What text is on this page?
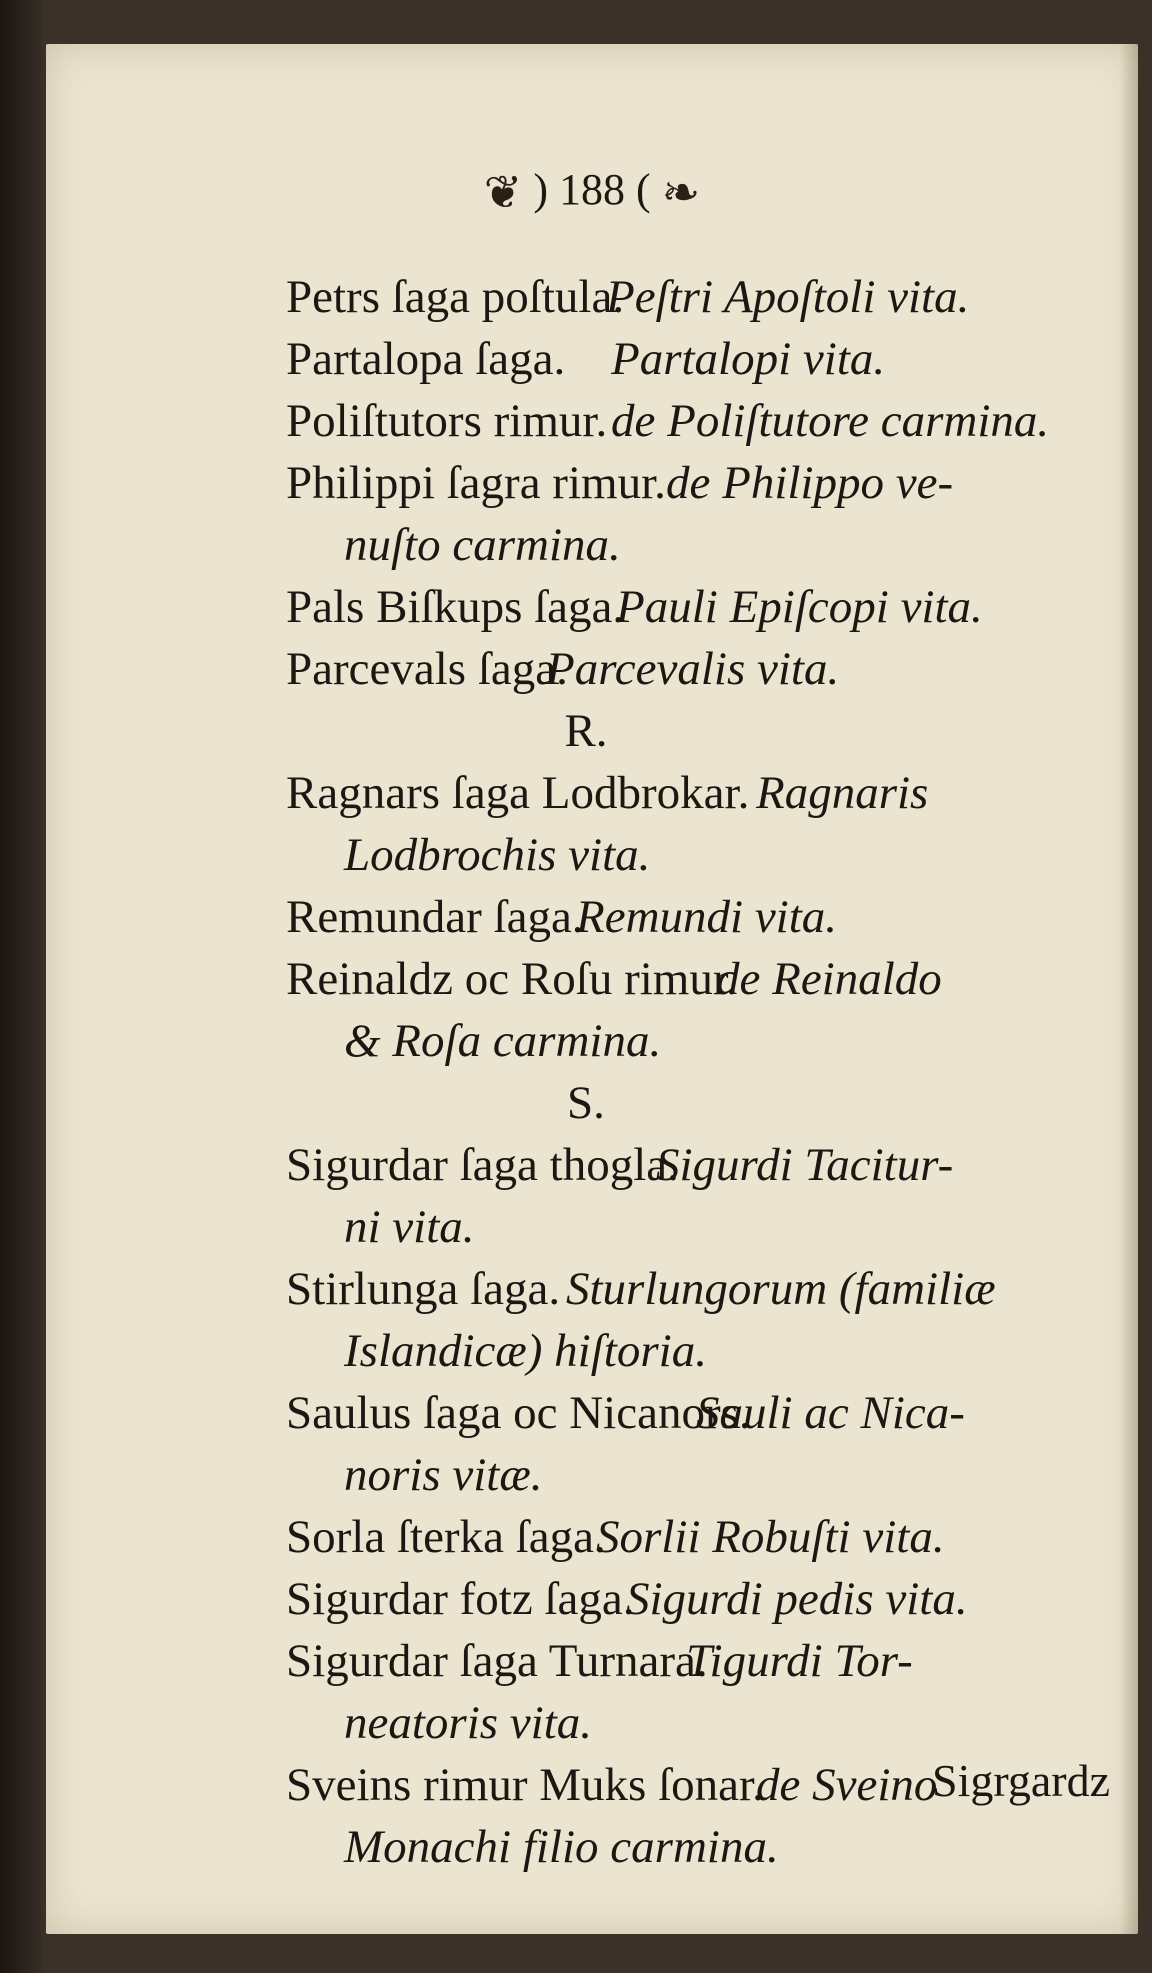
❦ ) 188 ( ❧
Petrs ſaga poſtula.
Peſtri Apoſtoli vita.
Partalopa ſaga. Partalopi vita.
Poliſtutors rimur. de Poliſtutore carmina.
Philippi ſagra rimur. de Philippo ve-
nuſto carmina.
Pals Biſkups ſaga.
Pauli Epiſcopi vita.
Parcevals ſaga.
Parcevalis vita.
R.
Ragnars ſaga Lodbrokar. Ragnaris
Lodbrochis vita.
Remundar ſaga.
Remundi vita.
Reinaldz oc Roſu rimur.
de Reinaldo
& Roſa carmina.
S.
Sigurdar ſaga thogla.
Sigurdi Tacitur-
ni vita.
Stirlunga ſaga. Sturlungorum (familiæ
Islandicæ) hiſtoria.
Saulus ſaga oc Nicanors.
Sauli ac Nica-
noris vitæ.
Sorla ſterka ſaga.
Sorlii Robuſti vita.
Sigurdar fotz ſaga.
Sigurdi pedis vita.
Sigurdar ſaga Turnara.
Tigurdi Tor-
neatoris vita.
Sveins rimur Muks ſonar.
de Sveino
Monachi filio carmina.
Sigrgardz
